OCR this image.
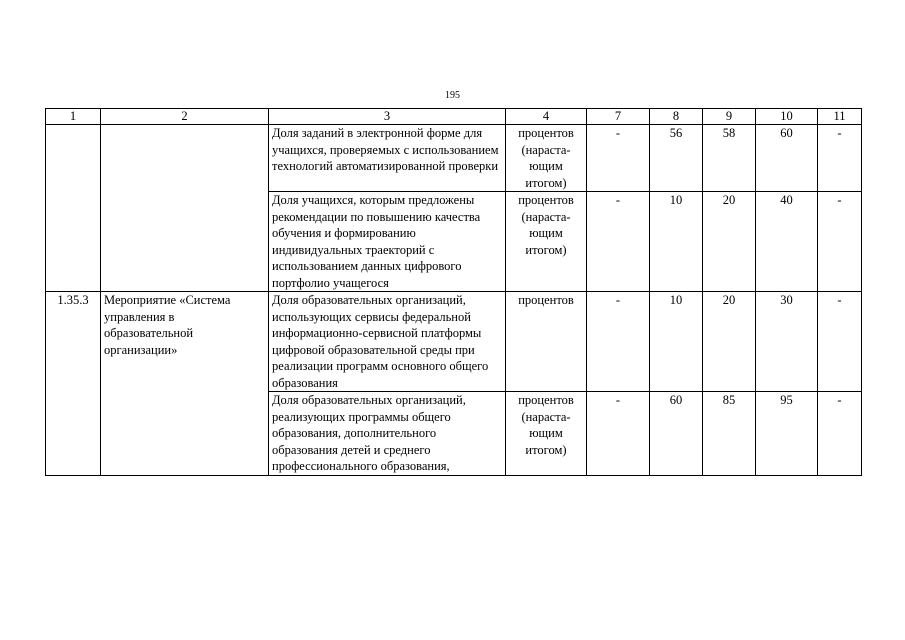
195
1	2	3	4	7	8	9	10	11
		Доля заданий в электронной форме для учащихся, проверяемых с использованием технологий автоматизированной проверки	процентов (нараста-ющим итогом)	-	56	58	60	-
		Доля учащихся, которым предложены рекомендации по повышению качества обучения и формированию индивидуальных траекторий с использованием данных цифрового портфолио учащегося	процентов (нараста-ющим итогом)	-	10	20	40	-
1.35.3	Мероприятие «Система управления в образовательной организации»	Доля образовательных организаций, использующих сервисы федеральной информационно-сервисной платформы цифровой образовательной среды при реализации программ основного общего образования	процентов	-	10	20	30	-
		Доля образовательных организаций, реализующих программы общего образования, дополнительного образования детей и среднего профессионального образования,	процентов (нараста-ющим итогом)	-	60	85	95	-
